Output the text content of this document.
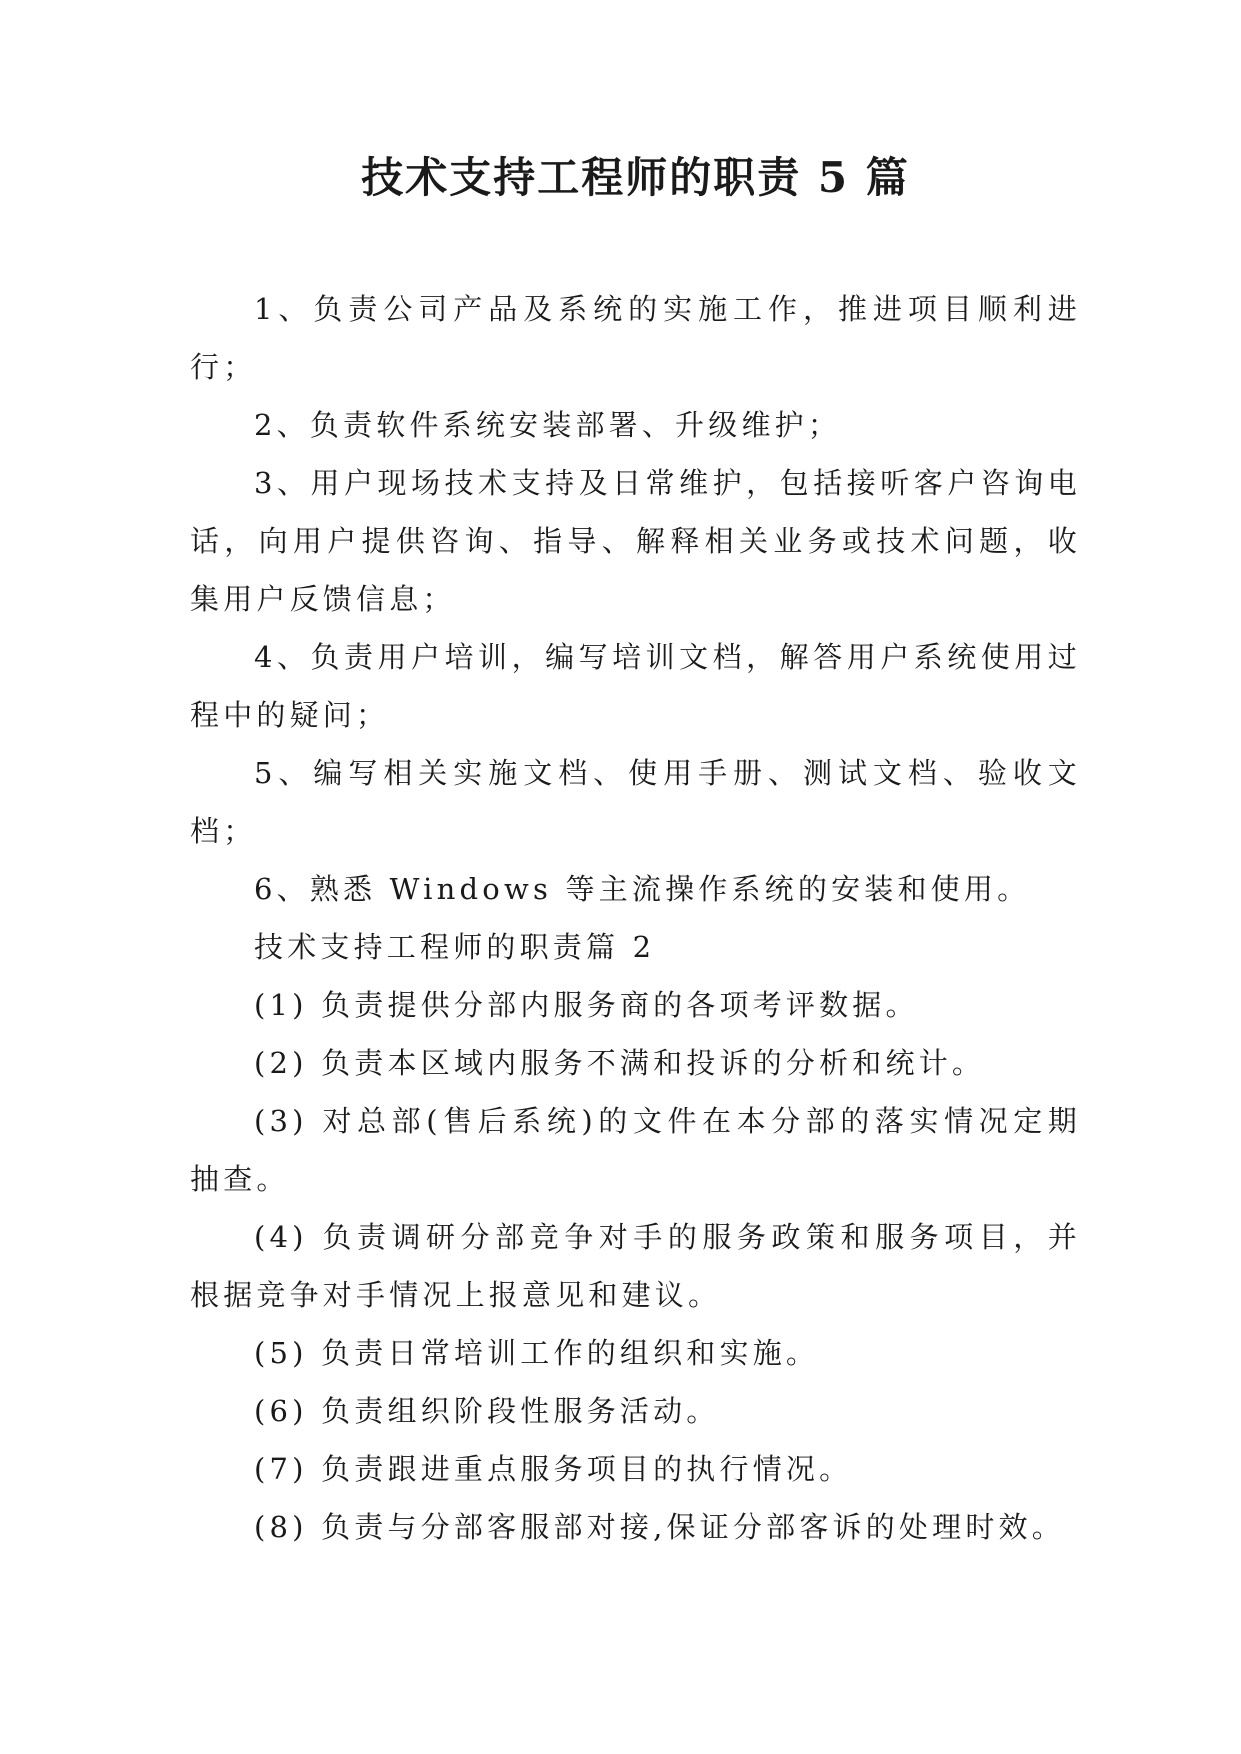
技术支持工程师的职责 5 篇

1、负责公司产品及系统的实施工作，推进项目顺利进行；

2、负责软件系统安装部署、升级维护；

3、用户现场技术支持及日常维护，包括接听客户咨询电话，向用户提供咨询、指导、解释相关业务或技术问题，收集用户反馈信息；

4、负责用户培训，编写培训文档，解答用户系统使用过程中的疑问；

5、编写相关实施文档、使用手册、测试文档、验收文档；

6、熟悉 Windows 等主流操作系统的安装和使用。

技术支持工程师的职责篇 2

(1) 负责提供分部内服务商的各项考评数据。

(2) 负责本区域内服务不满和投诉的分析和统计。

(3) 对总部(售后系统)的文件在本分部的落实情况定期抽查。

(4) 负责调研分部竞争对手的服务政策和服务项目，并根据竞争对手情况上报意见和建议。

(5) 负责日常培训工作的组织和实施。

(6) 负责组织阶段性服务活动。

(7) 负责跟进重点服务项目的执行情况。

(8) 负责与分部客服部对接,保证分部客诉的处理时效。
